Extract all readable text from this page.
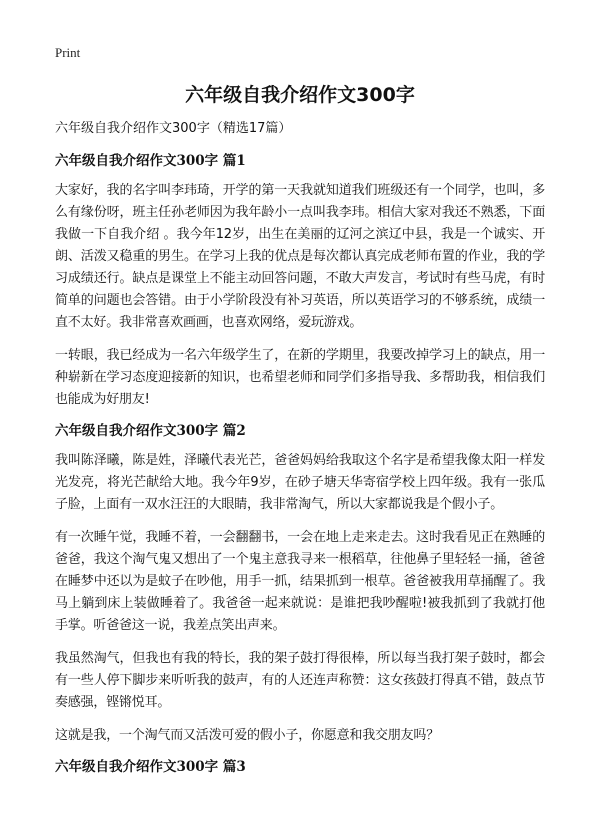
Print
六年级自我介绍作文300字

六年级自我介绍作文300字（精选17篇）

六年级自我介绍作文300字 篇1

大家好，我的名字叫李玮琦，开学的第一天我就知道我们班级还有一个同学，也叫，多么有缘份呀，班主任孙老师因为我年龄小一点叫我李玮。相信大家对我还不熟悉，下面我做一下自我介绍 。我今年12岁，出生在美丽的辽河之滨辽中县，我是一个诚实、开朗、活泼又稳重的男生。在学习上我的优点是每次都认真完成老师布置的作业，我的学习成绩还行。缺点是课堂上不能主动回答问题，不敢大声发言，考试时有些马虎，有时简单的问题也会答错。由于小学阶段没有补习英语，所以英语学习的不够系统，成绩一直不太好。我非常喜欢画画，也喜欢网络，爱玩游戏。

一转眼，我已经成为一名六年级学生了，在新的学期里，我要改掉学习上的缺点，用一种崭新在学习态度迎接新的知识，也希望老师和同学们多指导我、多帮助我，相信我们也能成为好朋友!

六年级自我介绍作文300字 篇2

我叫陈泽曦，陈是姓，泽曦代表光芒，爸爸妈妈给我取这个名字是希望我像太阳一样发光发亮，将光芒献给大地。我今年9岁，在砂子塘天华寄宿学校上四年级。我有一张瓜子脸，上面有一双水汪汪的大眼睛，我非常淘气，所以大家都说我是个假小子。

有一次睡午觉，我睡不着，一会翻翻书，一会在地上走来走去。这时我看见正在熟睡的爸爸，我这个淘气鬼又想出了一个鬼主意我寻来一根稻草，往他鼻子里轻轻一捅，爸爸在睡梦中还以为是蚊子在吵他，用手一抓，结果抓到一根草。爸爸被我用草捅醒了。我马上躺到床上装做睡着了。我爸爸一起来就说：是谁把我吵醒啦!被我抓到了我就打他手掌。听爸爸这一说，我差点笑出声来。

我虽然淘气，但我也有我的特长，我的架子鼓打得很棒，所以每当我打架子鼓时，都会有一些人停下脚步来听听我的鼓声，有的人还连声称赞：这女孩鼓打得真不错，鼓点节奏感强，铿锵悦耳。

这就是我，一个淘气而又活泼可爱的假小子，你愿意和我交朋友吗？

六年级自我介绍作文300字 篇3
